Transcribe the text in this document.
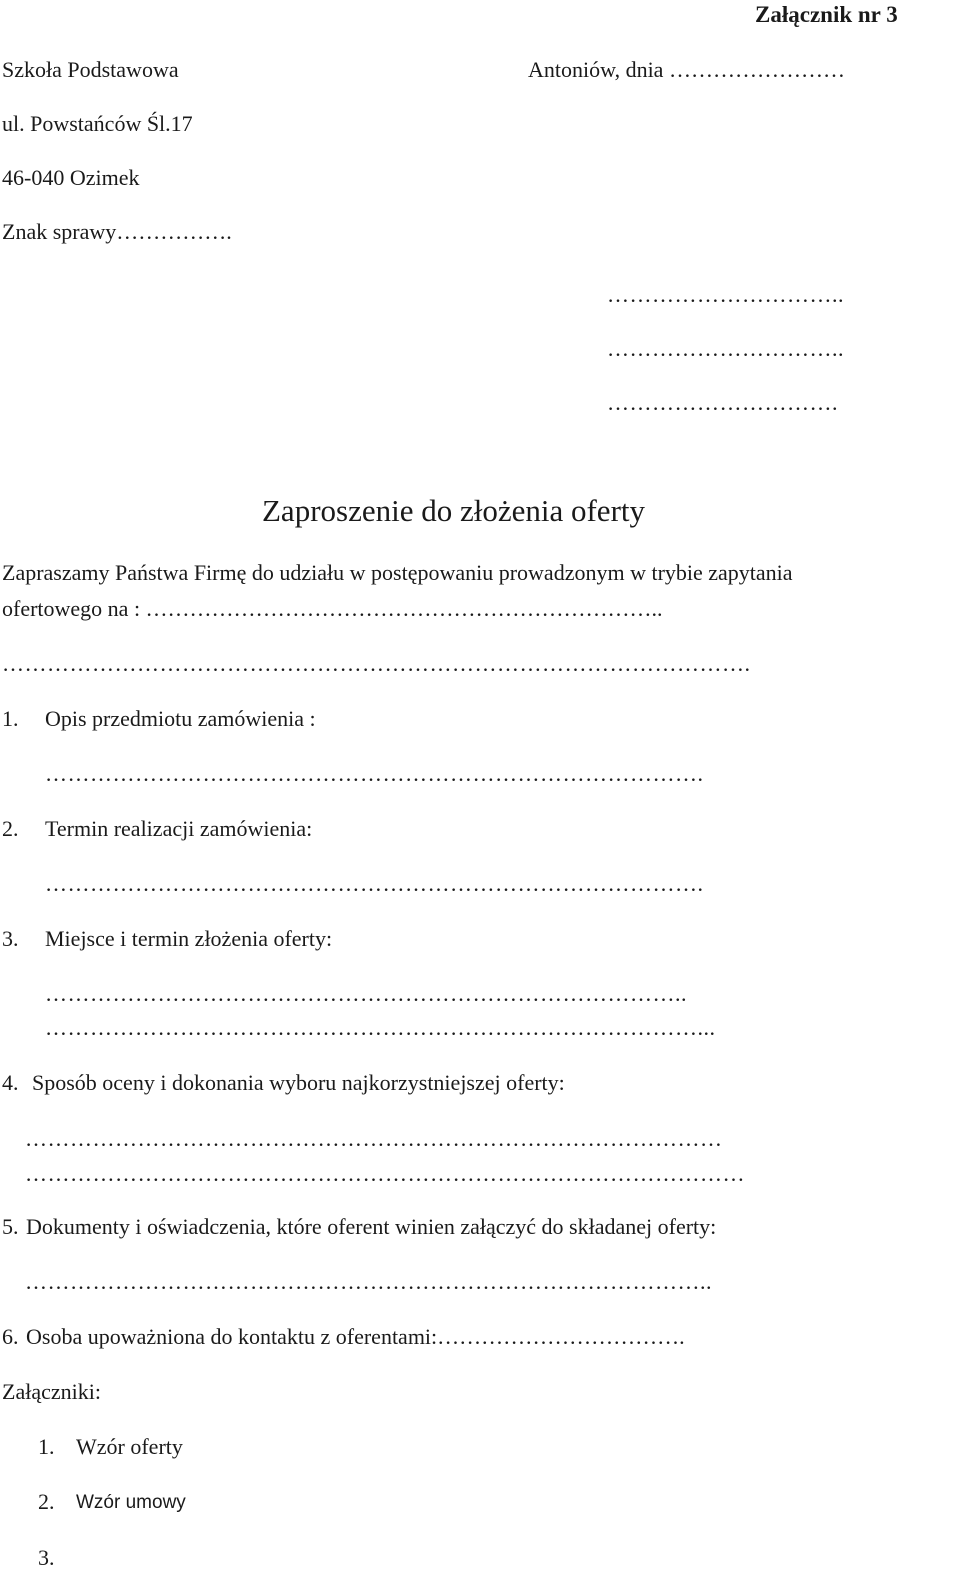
Załącznik nr 3
Szkoła Podstawowa	Antoniów, dnia ……………………
ul. Powstańców Śl.17
46-040 Ozimek
Znak sprawy…………….
…………………………..
…………………………..
………………………….
Zaproszenie do złożenia oferty
Zapraszamy Państwa Firmę do udziału w postępowaniu prowadzonym w trybie zapytania
ofertowego na : ……………………………………………………………..
……………………………………………………………………………………….
1. Opis przedmiotu zamówienia :
…………………………………………………………………………….
2. Termin realizacji zamówienia:
…………………………………………………………………………….
3. Miejsce i termin złożenia oferty:
…………………………………………………………………………..
……………………………………………………………………………...
4. Sposób oceny i dokonania wyboru najkorzystniejszej oferty:
…………………………………………………………………………………
……………………………………………………………………………………
5. Dokumenty i oświadczenia, które oferent winien załączyć do składanej oferty:
………………………………………………………………………………..
6. Osoba upoważniona do kontaktu z oferentami:…………………………….
Załączniki:
1. Wzór oferty
2. Wzór umowy
3.
